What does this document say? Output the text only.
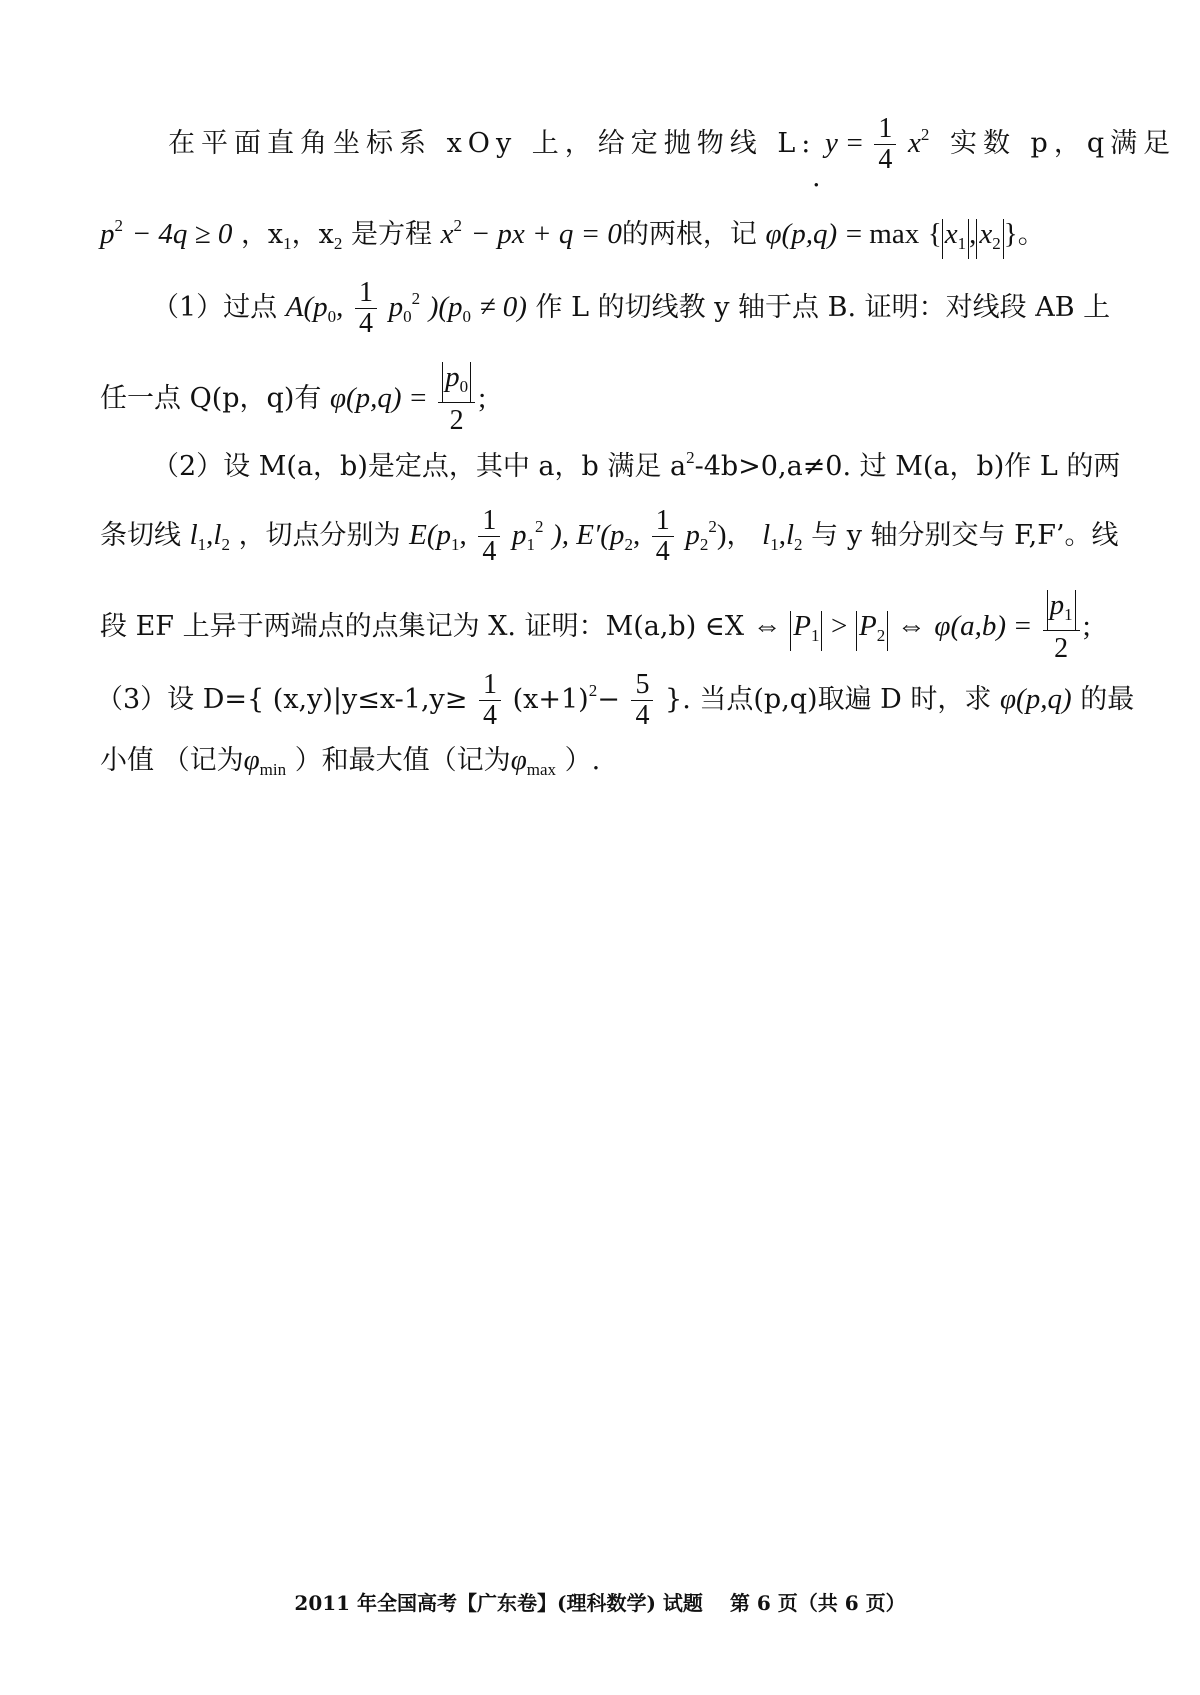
在平面直角坐标系 xOy 上，给定抛物线 L: $y = \frac{1}{4} x^2$ 实数 p，q满足
.
$p^2 - 4q \ge 0$ ，$x_1$，$x_2$ 是方程 $x^2$ − px + q = 0的两根，记 φ(p,q) = max { $x_1$ , $x_2$ }。
（1）过点 $A(p_0$, $\frac{1}{4} p_0^2$ )$(p_0 \ne 0)$ 作 L 的切线教 y 轴于点 B. 证明：对线段 AB 上
任一点 Q(p，q)有 $\varphi(p,q) = \frac{p_0}{2}$ ;
（2）设 M(a，b)是定点，其中 a，b 满足 $a^2-4b>0,a\ne 0$. 过 M(a，b)作 L 的两
条切线 $l_1,l_2$ ，切点分别为 $E(p_1$, $\frac{1}{4} p_1^2$ ), $E'(p_2$, $\frac{1}{4} p_2^2$)， $l_1,l_2$ 与 y 轴分别交与 F,F’。线
段 EF 上异于两端点的点集记为 X. 证明：M(a,b) ∈X ⇔ $P_1 > P_2$ ⇔ $\varphi(a,b) = \frac{p_1}{2}$ ;
（3）设 D={ $(x,y)|y\le x-1,y\ge \frac{1}{4} (x+1)^2- \frac{5}{4}$ }. 当点(p,q)取遍 D 时，求 φ(p,q) 的最
小值 （记为$\varphi_{min}$ ）和最大值（记为$\varphi_{max}$ ）.
2011 年全国高考【广东卷】(理科数学) 试题　 第 6 页（共 6 页）
